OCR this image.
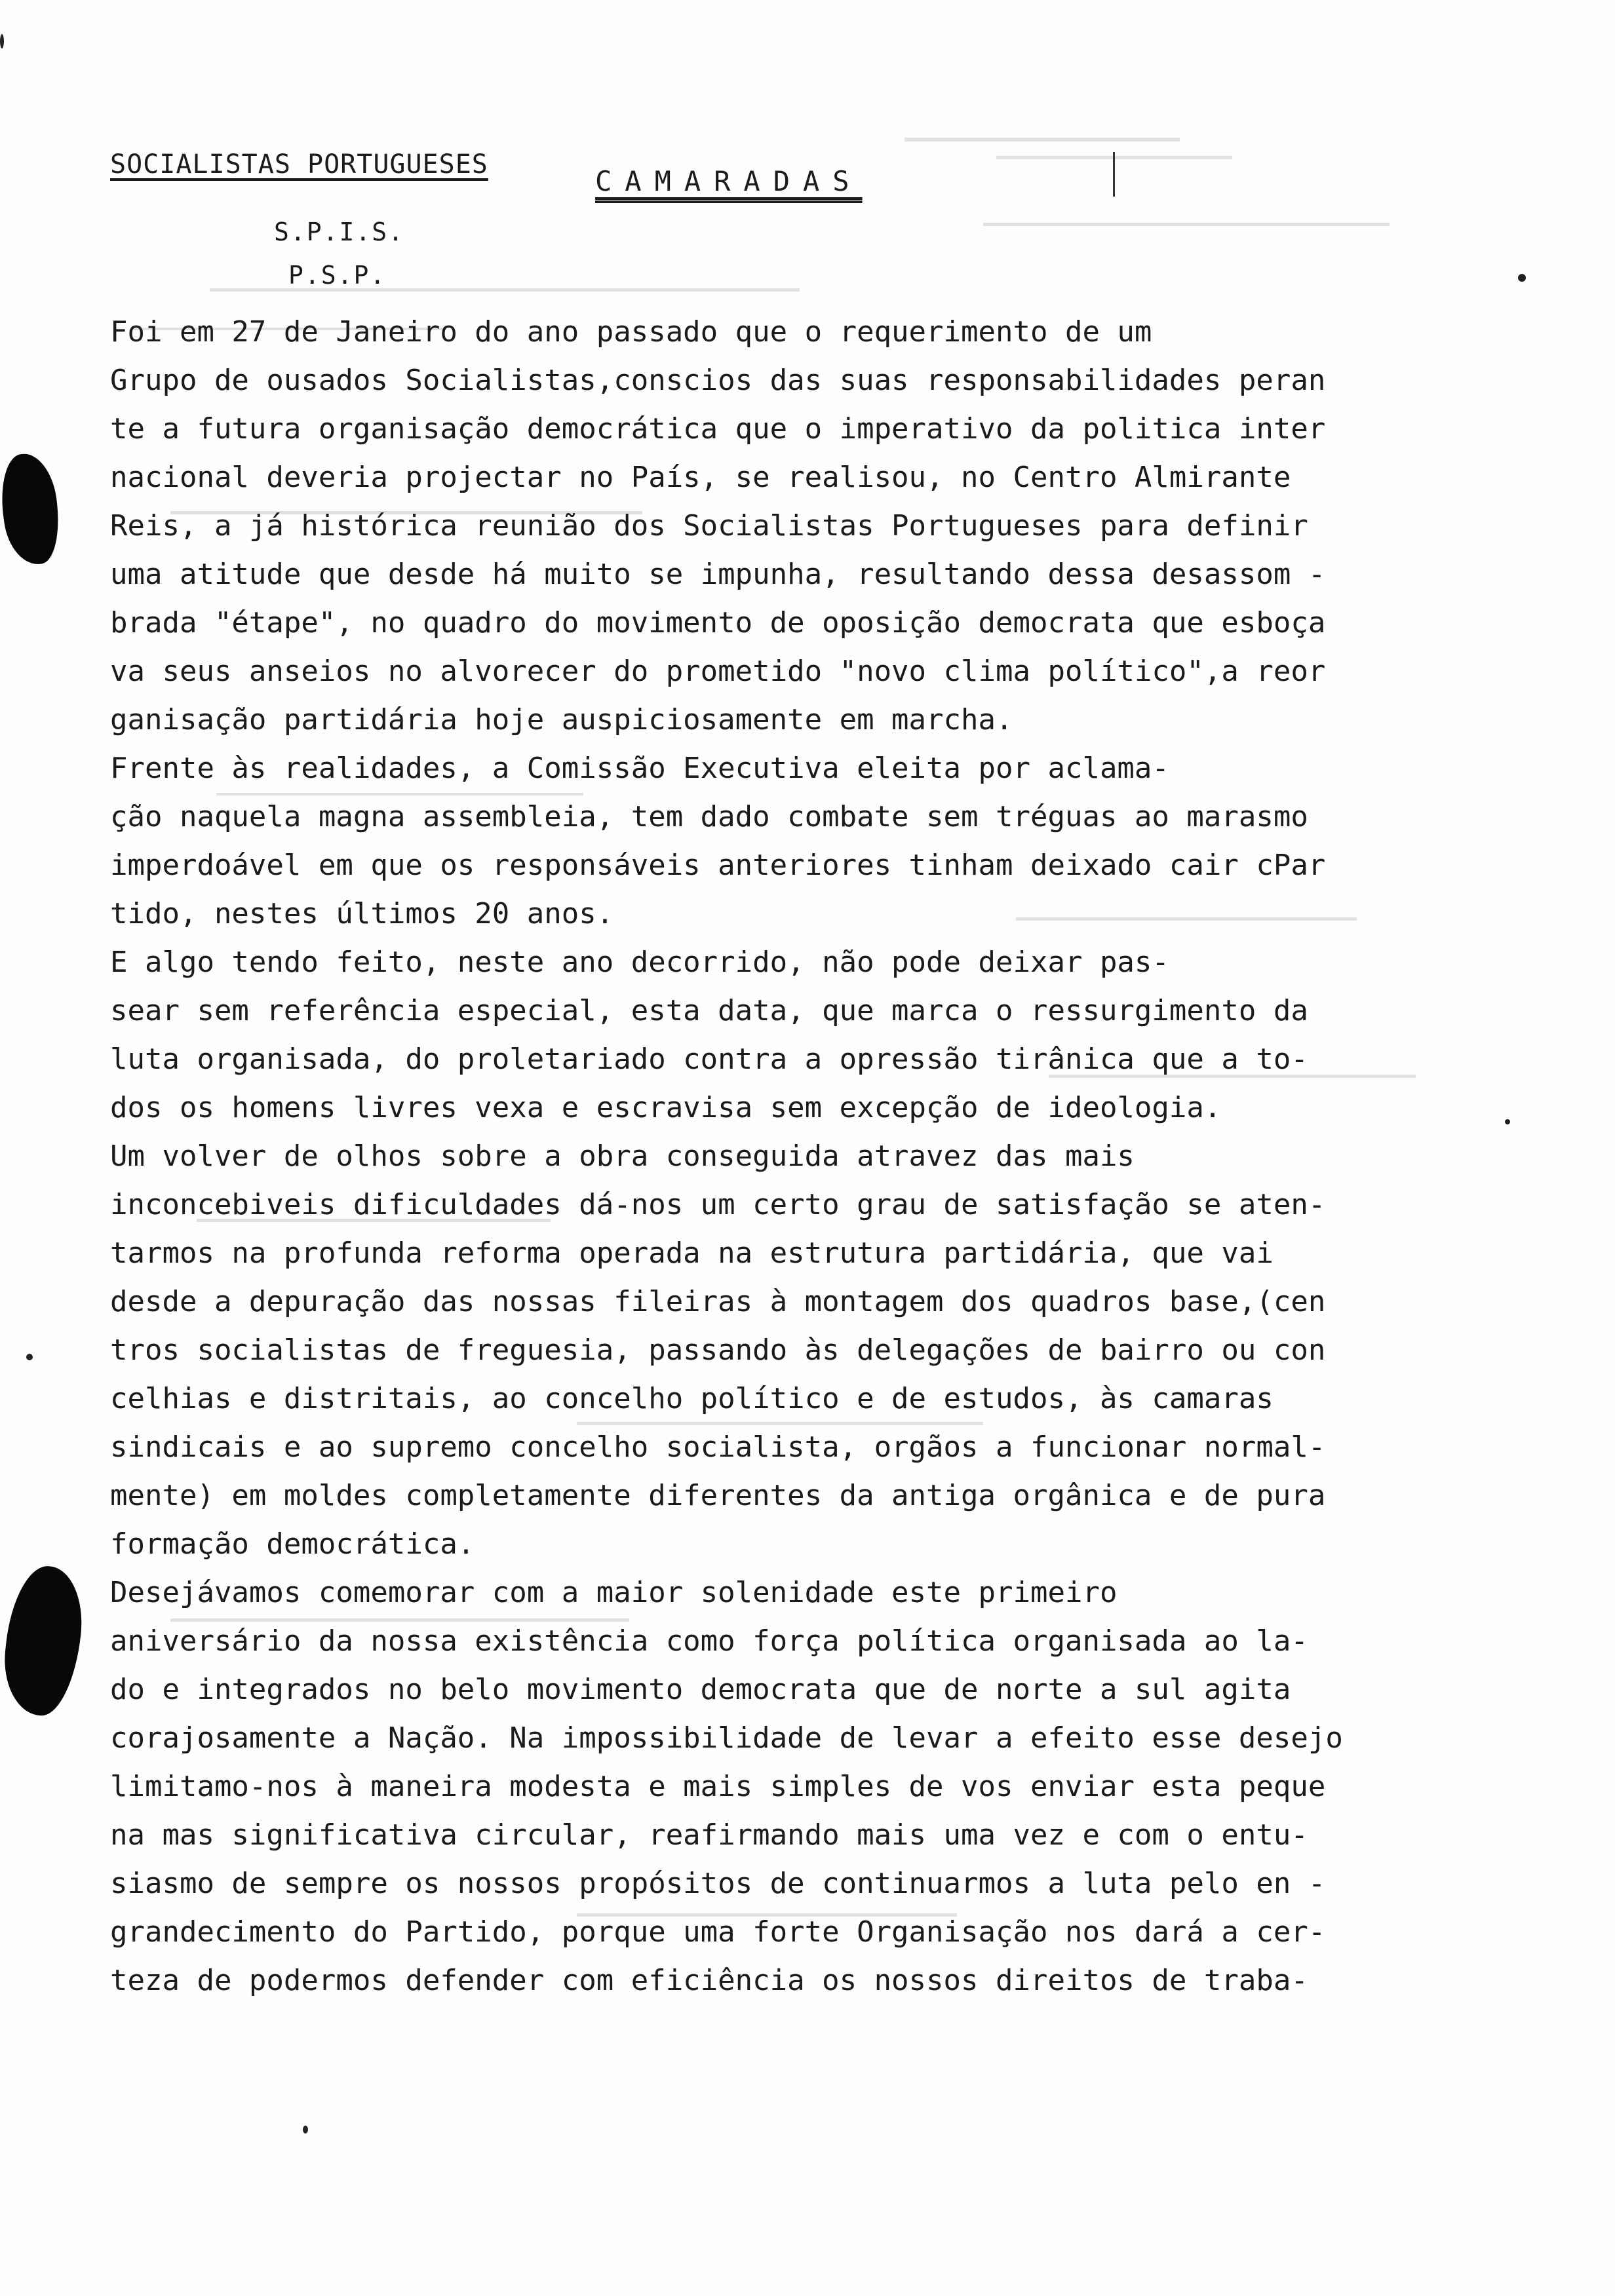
SOCIALISTAS PORTUGUESES
CAMARADAS
S.P.I.S.
P.S.P.
Foi em 27 de Janeiro do ano passado que o requerimento de um
Grupo de ousados Socialistas,conscios das suas responsabilidades peran
te a futura organisação democrática que o imperativo da politica inter
nacional deveria projectar no País, se realisou, no Centro Almirante
Reis, a já histórica reunião dos Socialistas Portugueses para definir
uma atitude que desde há muito se impunha, resultando dessa desassom -
brada "étape", no quadro do movimento de oposição democrata que esboça
va seus anseios no alvorecer do prometido "novo clima político",a reor
ganisação partidária hoje auspiciosamente em marcha.
Frente às realidades, a Comissão Executiva eleita por aclama-
ção naquela magna assembleia, tem dado combate sem tréguas ao marasmo
imperdoável em que os responsáveis anteriores tinham deixado cair cPar
tido, nestes últimos 20 anos.
E algo tendo feito, neste ano decorrido, não pode deixar pas-
sear sem referência especial, esta data, que marca o ressurgimento da
luta organisada, do proletariado contra a opressão tirânica que a to-
dos os homens livres vexa e escravisa sem excepção de ideologia.
Um volver de olhos sobre a obra conseguida atravez das mais
inconcebiveis dificuldades dá-nos um certo grau de satisfação se aten-
tarmos na profunda reforma operada na estrutura partidária, que vai
desde a depuração das nossas fileiras à montagem dos quadros base,(cen
tros socialistas de freguesia, passando às delegações de bairro ou con
celhias e distritais, ao concelho político e de estudos, às camaras
sindicais e ao supremo concelho socialista, orgãos a funcionar normal-
mente) em moldes completamente diferentes da antiga orgânica e de pura
formação democrática.
Desejávamos comemorar com a maior solenidade este primeiro
aniversário da nossa existência como força política organisada ao la-
do e integrados no belo movimento democrata que de norte a sul agita
corajosamente a Nação. Na impossibilidade de levar a efeito esse desejo
limitamo-nos à maneira modesta e mais simples de vos enviar esta peque
na mas significativa circular, reafirmando mais uma vez e com o entu-
siasmo de sempre os nossos propósitos de continuarmos a luta pelo en -
grandecimento do Partido, porque uma forte Organisação nos dará a cer-
teza de podermos defender com eficiência os nossos direitos de traba-
